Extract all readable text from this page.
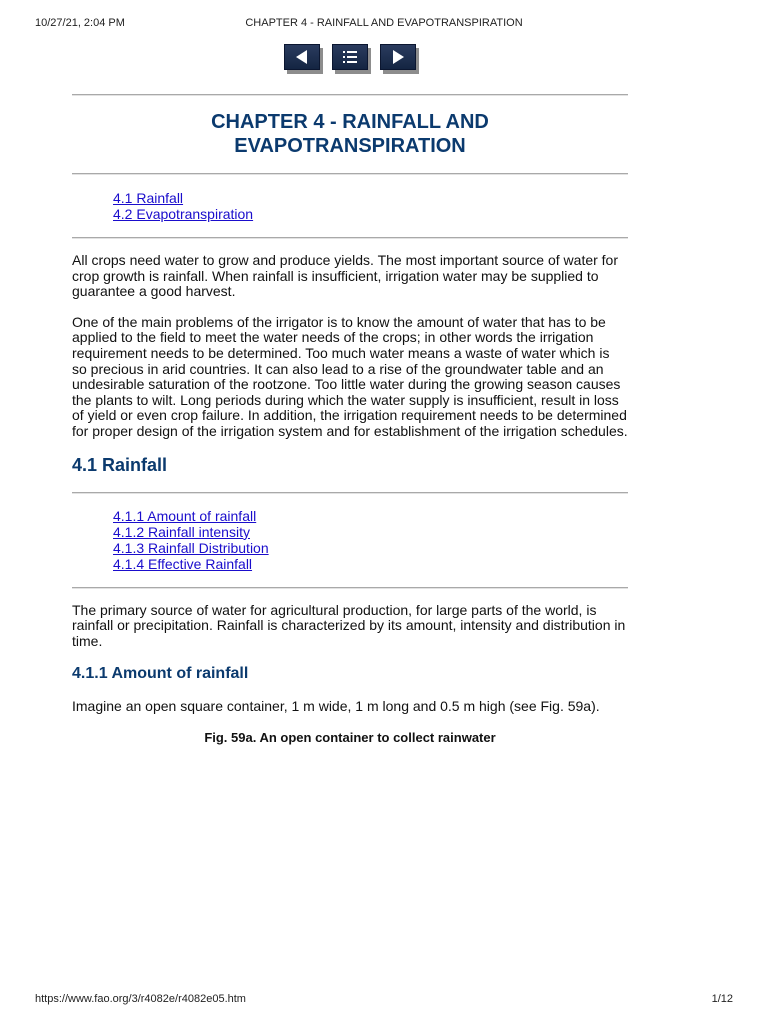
10/27/21, 2:04 PM	CHAPTER 4 - RAINFALL AND EVAPOTRANSPIRATION
CHAPTER 4 - RAINFALL AND
EVAPOTRANSPIRATION
4.1 Rainfall
4.2 Evapotranspiration

All crops need water to grow and produce yields. The most important source of water for crop growth is rainfall. When rainfall is insufficient, irrigation water may be supplied to guarantee a good harvest.

One of the main problems of the irrigator is to know the amount of water that has to be applied to the field to meet the water needs of the crops; in other words the irrigation requirement needs to be determined. Too much water means a waste of water which is so precious in arid countries. It can also lead to a rise of the groundwater table and an undesirable saturation of the rootzone. Too little water during the growing season causes the plants to wilt. Long periods during which the water supply is insufficient, result in loss of yield or even crop failure. In addition, the irrigation requirement needs to be determined for proper design of the irrigation system and for establishment of the irrigation schedules.

4.1 Rainfall
4.1.1 Amount of rainfall
4.1.2 Rainfall intensity
4.1.3 Rainfall Distribution
4.1.4 Effective Rainfall

The primary source of water for agricultural production, for large parts of the world, is rainfall or precipitation. Rainfall is characterized by its amount, intensity and distribution in time.

4.1.1 Amount of rainfall

Imagine an open square container, 1 m wide, 1 m long and 0.5 m high (see Fig. 59a).

Fig. 59a. An open container to collect rainwater

https://www.fao.org/3/r4082e/r4082e05.htm	1/12
